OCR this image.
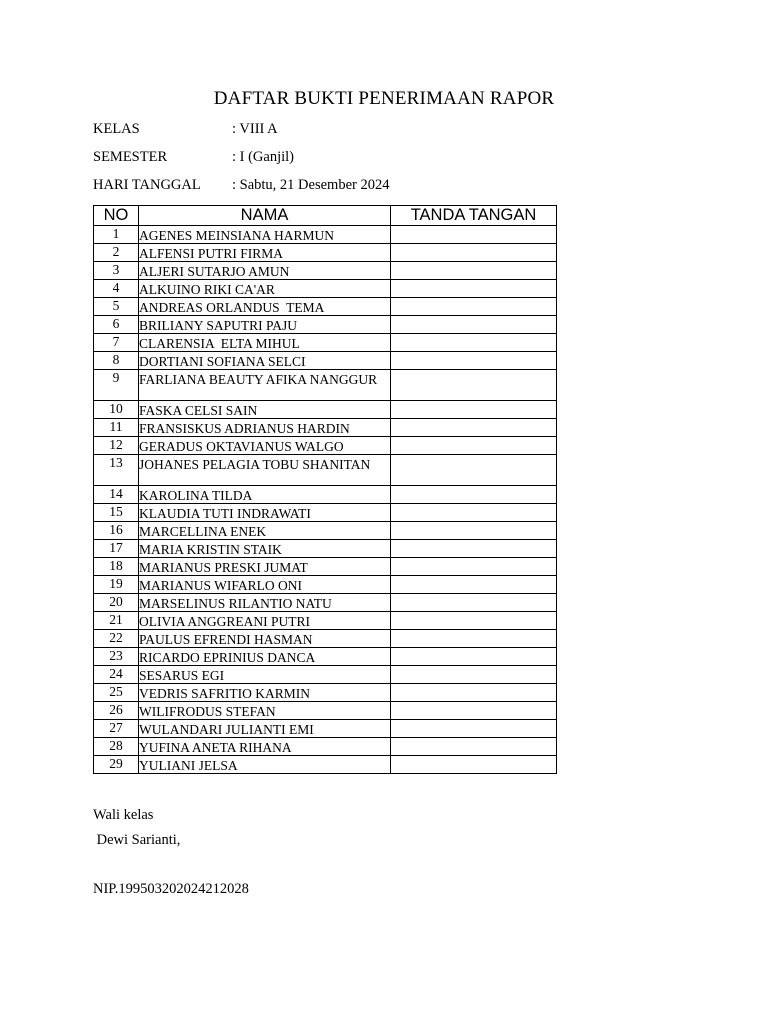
DAFTAR BUKTI PENERIMAAN RAPOR
KELAS	: VIII A
SEMESTER	: I (Ganjil)
HARI TANGGAL : Sabtu, 21 Desember 2024
NO	NAMA	TANDA TANGAN
1	AGENES MEINSIANA HARMUN	

2	ALFENSI PUTRI FIRMA	

3	ALJERI SUTARJO AMUN	

4	ALKUINO RIKI CA'AR	

5	ANDREAS ORLANDUS  TEMA	

6	BRILIANY SAPUTRI PAJU	

7	CLARENSIA  ELTA MIHUL	

8	DORTIANI SOFIANA SELCI	

9	FARLIANA BEAUTY AFIKA NANGGUR	

10	FASKA CELSI SAIN	

11	FRANSISKUS ADRIANUS HARDIN	

12	GERADUS OKTAVIANUS WALGO	

13	JOHANES PELAGIA TOBU SHANITAN	

14	KAROLINA TILDA	

15	KLAUDIA TUTI INDRAWATI	

16	MARCELLINA ENEK	

17	MARIA KRISTIN STAIK	

18	MARIANUS PRESKI JUMAT	

19	MARIANUS WIFARLO ONI	

20	MARSELINUS RILANTIO NATU	

21	OLIVIA ANGGREANI PUTRI	

22	PAULUS EFRENDI HASMAN	

23	RICARDO EPRINIUS DANCA	

24	SESARUS EGI	

25	VEDRIS SAFRITIO KARMIN	

26	WILIFRODUS STEFAN	

27	WULANDARI JULIANTI EMI	

28	YUFINA ANETA RIHANA	

29	YULIANI JELSA	

Wali kelas
Dewi Sarianti,
NIP.199503202024212028
